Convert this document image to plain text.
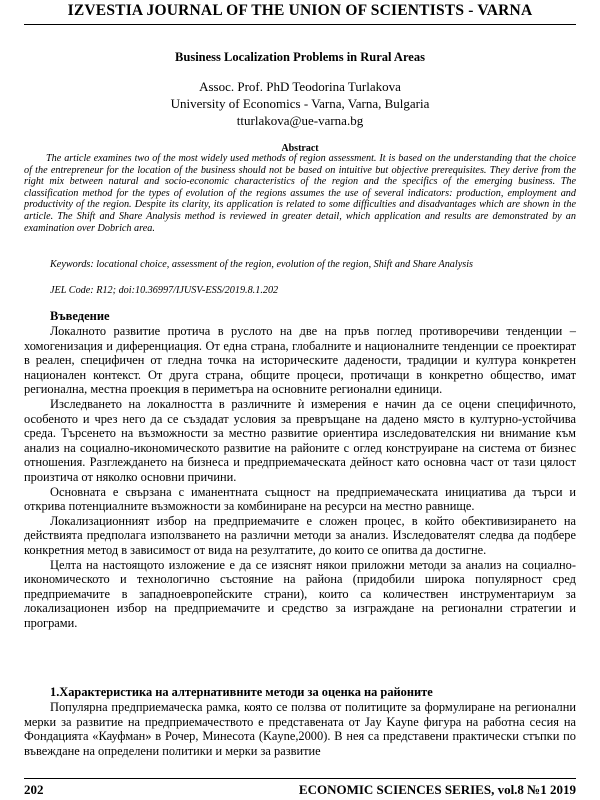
IZVESTIA JOURNAL OF THE UNION OF SCIENTISTS - VARNA
Business Localization Problems in Rural Areas
Assoc. Prof. PhD Teodorina Turlakova
University of Economics - Varna, Varna, Bulgaria
tturlakova@ue-varna.bg
Abstract
The article examines two of the most widely used methods of region assessment. It is based on the understanding that the choice of the entrepreneur for the location of the business should not be based on intuitive but objective prerequisites. They derive from the right mix between natural and socio-economic characteristics of the region and the specifics of the emerging business. The classification method for the types of evolution of the regions assumes the use of several indicators: production, employment and productivity of the region. Despite its clarity, its application is related to some difficulties and disadvantages which are shown in the article. The Shift and Share Analysis method is reviewed in greater detail, which application and results are demonstrated by an examination over Dobrich area.
Keywords: locational choice, assessment of the region, evolution of the region, Shift and Share Analysis
JEL Code: R12; doi:10.36997/IJUSV-ESS/2019.8.1.202
Въведение

Локалното развитие протича в руслото на две на пръв поглед противоречиви тенденции – хомогенизация и диференциация. От една страна, глобалните и националните тенденции се проектират в реален, специфичен от гледна точка на историческите дадености, традиции и култура конкретен национален контекст. От друга страна, общите процеси, протичащи в конкретно общество, имат регионална, местна проекция в периметъра на основните регионални единици.

Изследването на локалността в различните ѝ измерения е начин да се оцени специфичното, особеното и чрез него да се създадат условия за превръщане на дадено място в културно-устойчива среда. Търсенето на възможности за местно развитие ориентира изследователския ни внимание към анализ на социално-икономическото развитие на районите с оглед конструиране на система от бизнес отношения. Разглеждането на бизнеса и предприемаческата дейност като основна част от тази цялост произтича от няколко основни причини.

Основната е свързана с иманентната същност на предприемаческата инициатива да търси и открива потенциалните възможности за комбиниране на ресурси на местно равнище.

Локализационният избор на предприемачите е сложен процес, в който обективизирането на действията предполага използването на различни методи за анализ. Изследователят следва да подбере конкретния метод в зависимост от вида на резултатите, до които се опитва да достигне.

Целта на настоящото изложение е да се изяснят някои приложни методи за анализ на социално-икономическото и технологично състояние на района (придобили широка популярност сред предприемачите в западноевропейските страни), които са количествен инструментариум за локализационен избор на предприемачите и средство за изграждане на регионални стратегии и програми.

1.Характеристика на алтернативните методи за оценка на районите

Популярна предприемаческа рамка, която се ползва от политиците за формулиране на регионални мерки за развитие на предприемачеството е представената от Jay Kayne фигура на работна сесия на Фондацията «Кауфман» в Рочер, Минесота (Kayne,2000). В нея са представени практически стъпки по въвеждане на определени политики и мерки за развитие

202	ECONOMIC SCIENCES SERIES, vol.8 №1 2019
